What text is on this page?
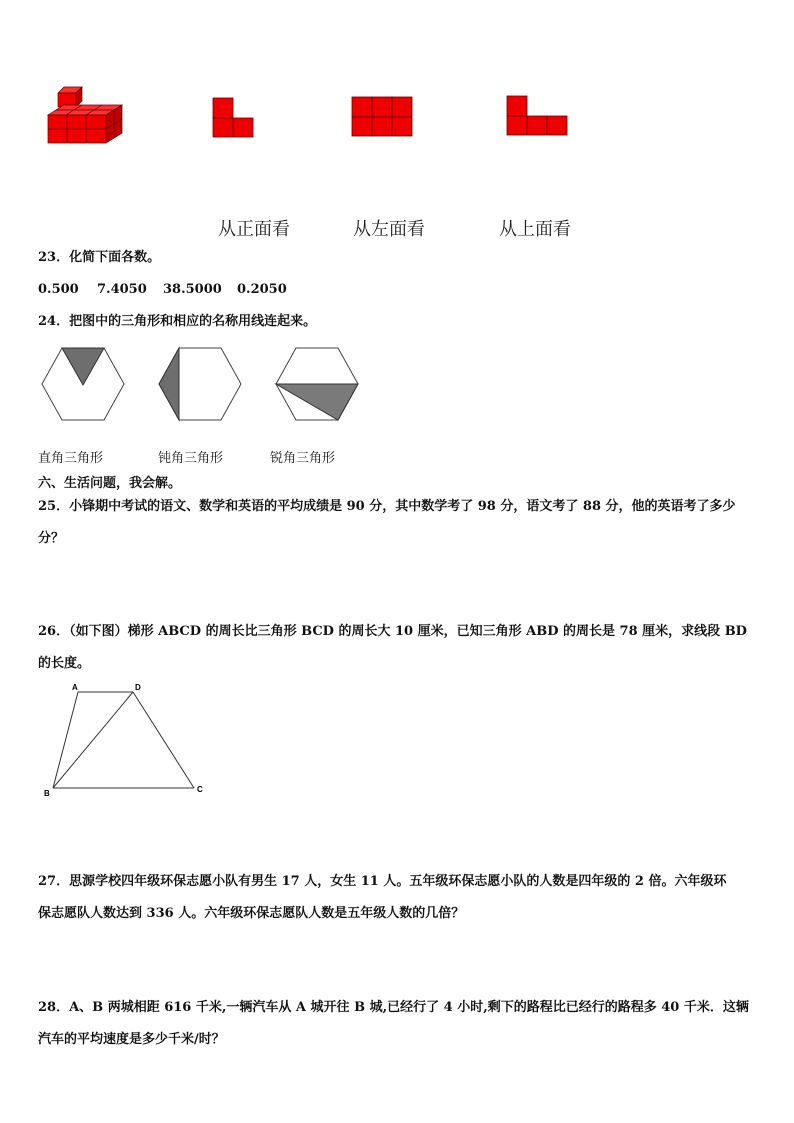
从正面看	从左面看	从上面看
23．化简下面各数。
0.500 7.4050 38.5000 0.2050
24．把图中的三角形和相应的名称用线连起来。
直角三角形	钝角三角形	锐角三角形
六、生活问题，我会解。
25．小锋期中考试的语文、数学和英语的平均成绩是 90 分，其中数学考了 98 分，语文考了 88 分，他的英语考了多少
分？
26．（如下图）梯形 ABCD 的周长比三角形 BCD 的周长大 10 厘米，已知三角形 ABD 的周长是 78 厘米，求线段 BD
的长度。
A	D
B	C
27．思源学校四年级环保志愿小队有男生 17 人，女生 11 人。五年级环保志愿小队的人数是四年级的 2 倍。六年级环
保志愿队人数达到 336 人。六年级环保志愿队人数是五年级人数的几倍？
28．A、B 两城相距 616 千米,一辆汽车从 A 城开往 B 城,已经行了 4 小时,剩下的路程比已经行的路程多 40 千米．这辆
汽车的平均速度是多少千米/时？
